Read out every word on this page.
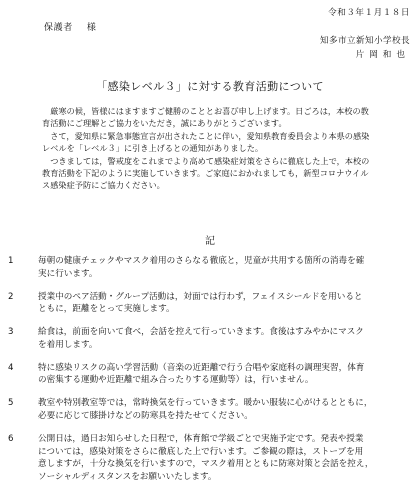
令和３年１月１８日
保護者 様
知多市立新知小学校長
片岡和也
「感染レベル３」に対する教育活動について

　厳寒の候，皆様にはますますご健勝のこととお喜び申し上げます。日ごろは，本校の教

育活動にご理解とご協力をいただき，誠にありがとうございます。

　さて，愛知県に緊急事態宣言が出されたことに伴い，愛知県教育委員会より本県の感染

レベルを「レベル３」に引き上げるとの通知がありました。

　つきましては，警戒度をこれまでより高めて感染症対策をさらに徹底した上で，本校の

教育活動を下記のように実施していきます。ご家庭におかれましても，新型コロナウイル

ス感染症予防にご協力ください。

記
1	毎朝の健康チェックやマスク着用のさらなる徹底と，児童が共用する箇所の消毒を確
実に行います。
2	授業中のペア活動・グループ活動は，対面では行わず，フェイスシールドを用いると
ともに，距離をとって実施します。
3	給食は，前面を向いて食べ，会話を控えて行っていきます。食後はすみやかにマスク
を着用します。
4	特に感染リスクの高い学習活動（音楽の近距離で行う合唱や家庭科の調理実習，体育
の密集する運動や近距離で組み合ったりする運動等）は，行いません。
5	教室や特別教室等では，常時換気を行っていきます。暖かい服装に心がけるとともに，
必要に応じて膝掛けなどの防寒具を持たせてください。
6	公開日は，過日お知らせした日程で，体育館で学級ごとで実施予定です。発表や授業
については，感染対策をさらに徹底した上で行います。ご参観の際は，ストーブを用
意しますが，十分な換気を行いますので，マスク着用とともに防寒対策と会話を控え，
ソーシャルディスタンスをお願いいたします。
